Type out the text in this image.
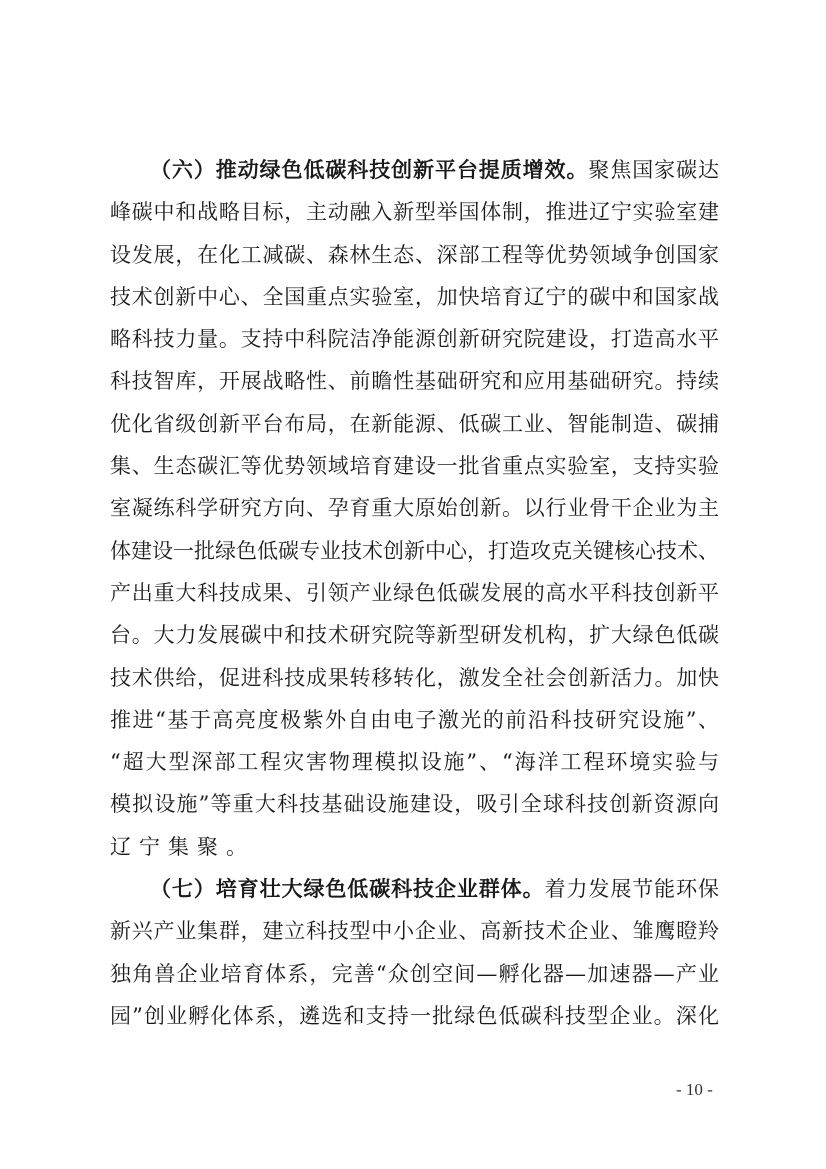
（六）推动绿色低碳科技创新平台提质增效。聚焦国家碳达
峰碳中和战略目标，主动融入新型举国体制，推进辽宁实验室建
设发展，在化工减碳、森林生态、深部工程等优势领域争创国家
技术创新中心、全国重点实验室，加快培育辽宁的碳中和国家战
略科技力量。支持中科院洁净能源创新研究院建设，打造高水平
科技智库，开展战略性、前瞻性基础研究和应用基础研究。持续
优化省级创新平台布局，在新能源、低碳工业、智能制造、碳捕
集、生态碳汇等优势领域培育建设一批省重点实验室，支持实验
室凝练科学研究方向、孕育重大原始创新。以行业骨干企业为主
体建设一批绿色低碳专业技术创新中心，打造攻克关键核心技术、
产出重大科技成果、引领产业绿色低碳发展的高水平科技创新平
台。大力发展碳中和技术研究院等新型研发机构，扩大绿色低碳
技术供给，促进科技成果转移转化，激发全社会创新活力。加快
推进“基于高亮度极紫外自由电子激光的前沿科技研究设施”、
“超大型深部工程灾害物理模拟设施”、“海洋工程环境实验与
模拟设施”等重大科技基础设施建设，吸引全球科技创新资源向
辽宁集聚。
（七）培育壮大绿色低碳科技企业群体。着力发展节能环保
新兴产业集群，建立科技型中小企业、高新技术企业、雏鹰瞪羚
独角兽企业培育体系，完善“众创空间—孵化器—加速器—产业
园”创业孵化体系，遴选和支持一批绿色低碳科技型企业。深化
- 10 -
